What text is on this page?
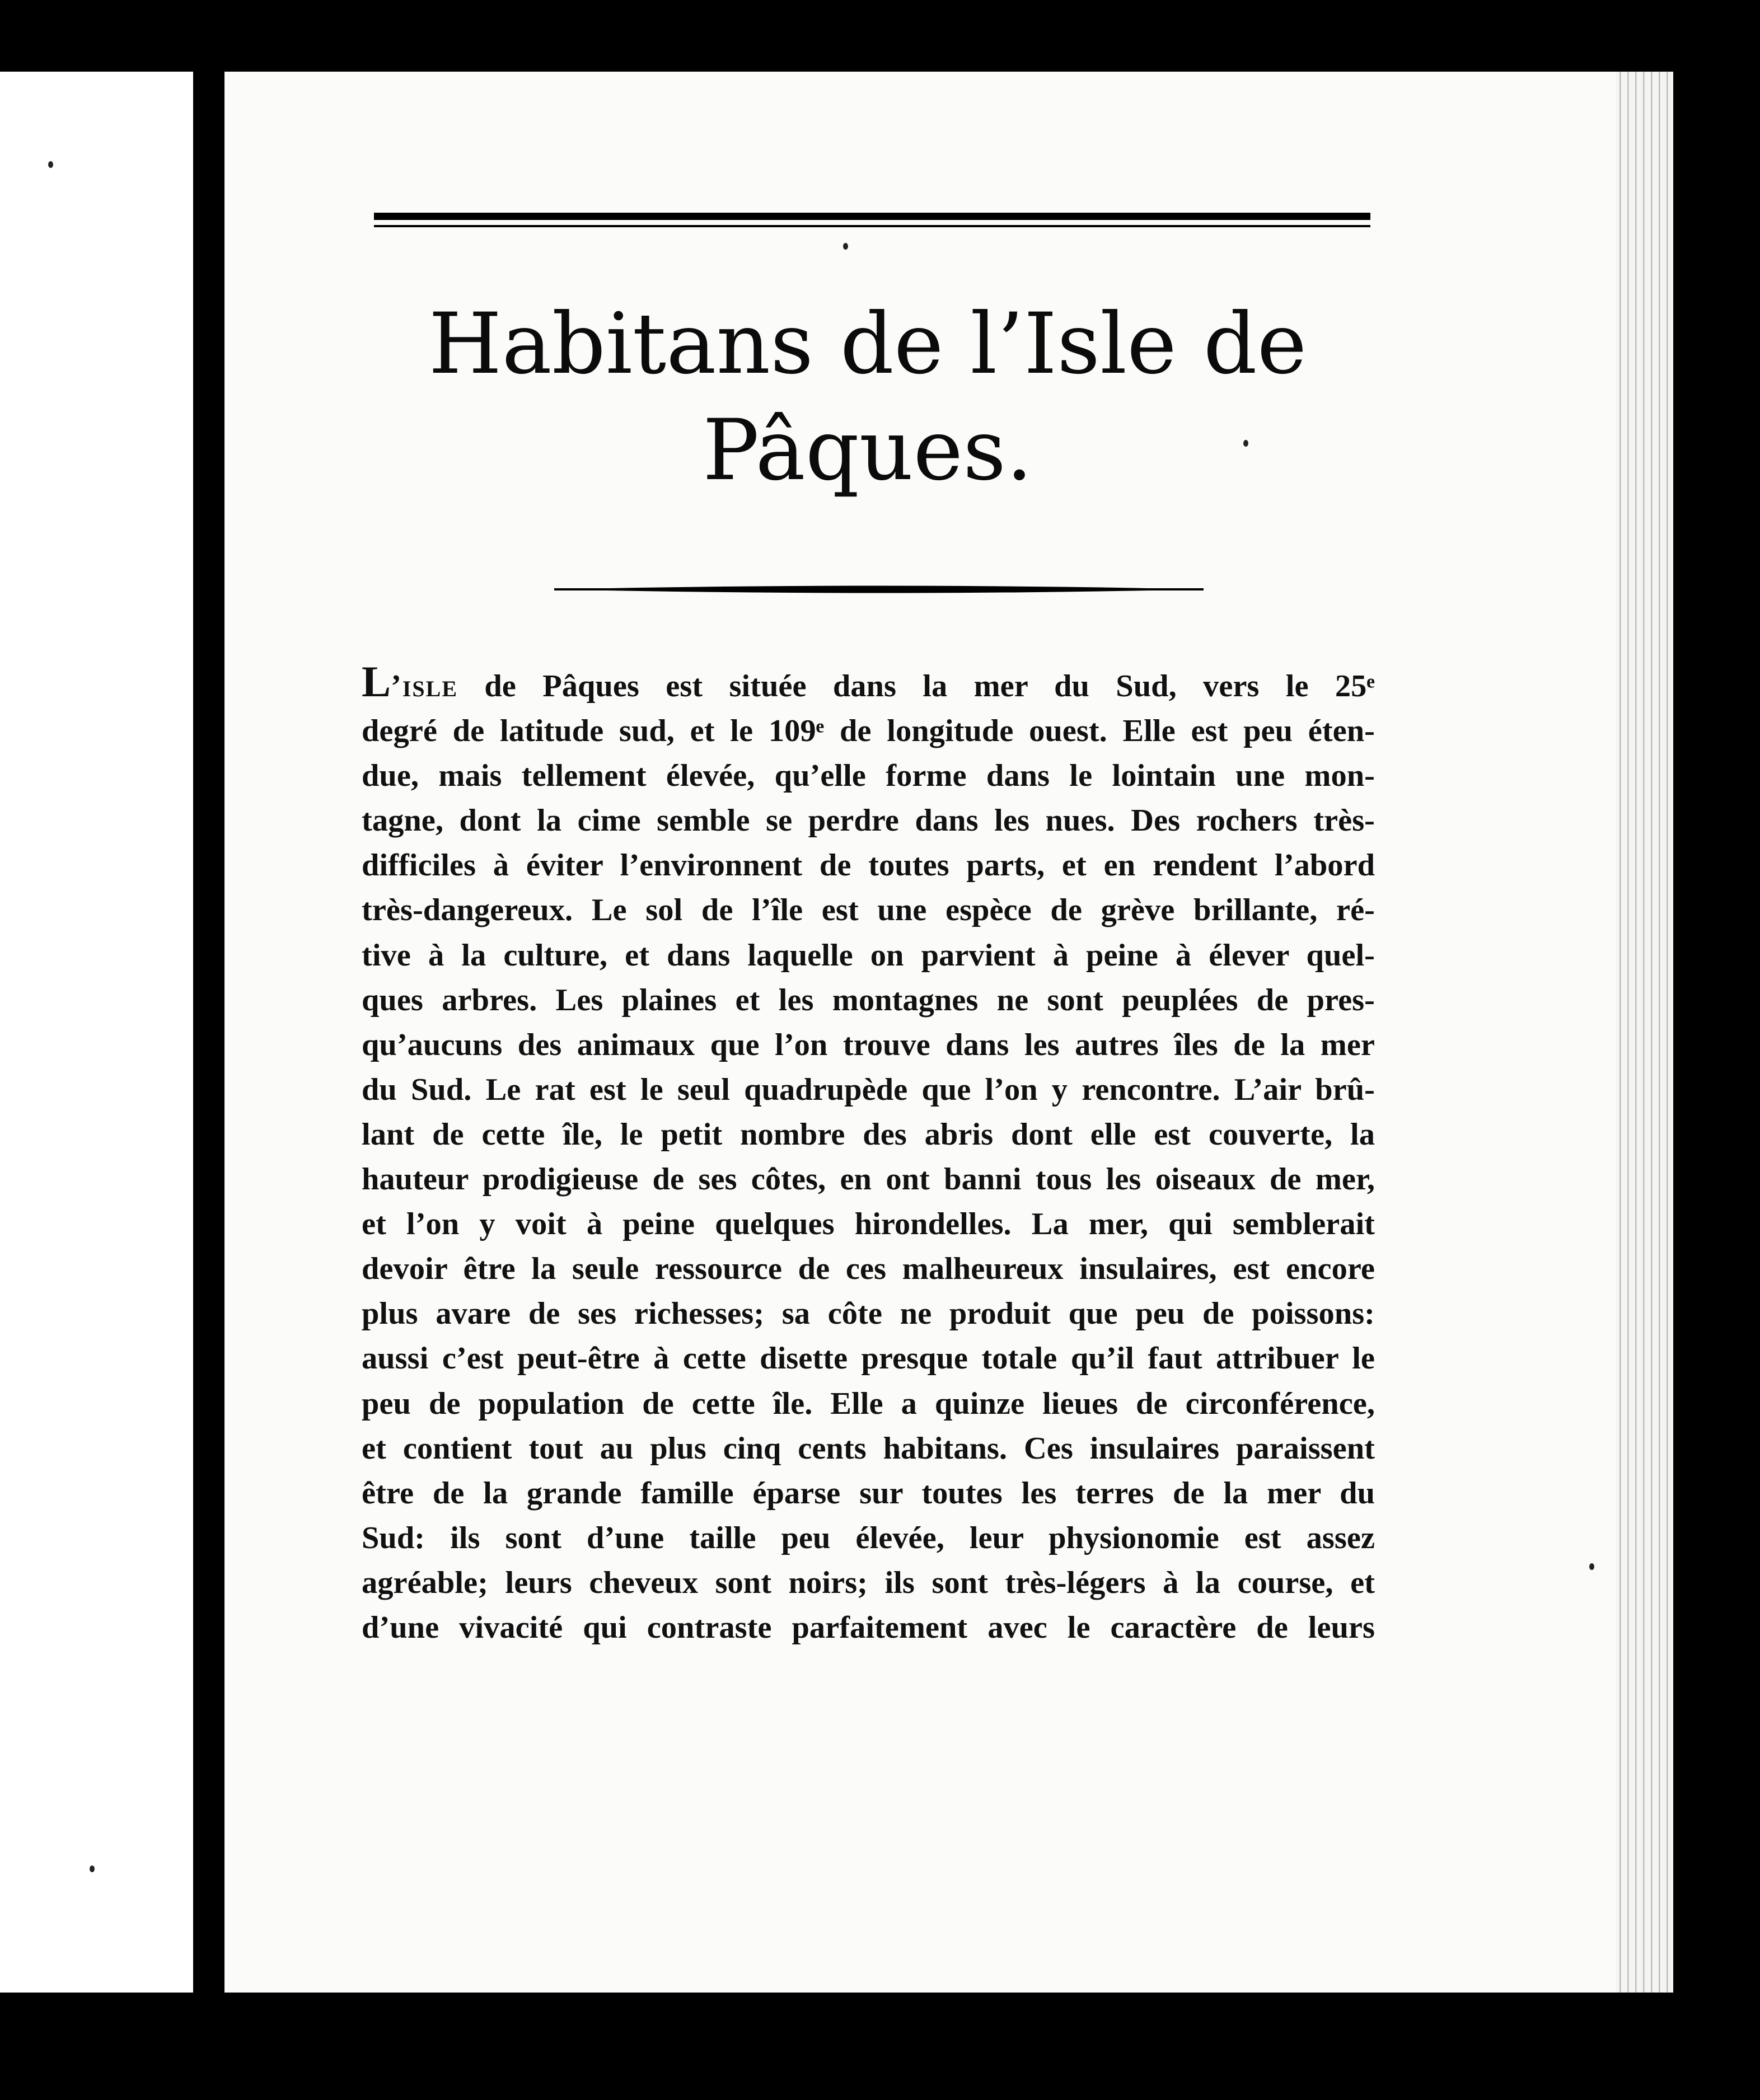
Habitans de l’Isle de
Pâques.
L’isle de Pâques est située dans la mer du Sud, vers le 25ᵉ
degré de latitude sud, et le 109ᵉ de longitude ouest. Elle est peu éten-
due, mais tellement élevée, qu’elle forme dans le lointain une mon-
tagne, dont la cime semble se perdre dans les nues. Des rochers très-
difficiles à éviter l’environnent de toutes parts, et en rendent l’abord
très-dangereux. Le sol de l’île est une espèce de grève brillante, ré-
tive à la culture, et dans laquelle on parvient à peine à élever quel-
ques arbres. Les plaines et les montagnes ne sont peuplées de pres-
qu’aucuns des animaux que l’on trouve dans les autres îles de la mer
du Sud. Le rat est le seul quadrupède que l’on y rencontre. L’air brû-
lant de cette île, le petit nombre des abris dont elle est couverte, la
hauteur prodigieuse de ses côtes, en ont banni tous les oiseaux de mer,
et l’on y voit à peine quelques hirondelles. La mer, qui semblerait
devoir être la seule ressource de ces malheureux insulaires, est encore
plus avare de ses richesses; sa côte ne produit que peu de poissons:
aussi c’est peut-être à cette disette presque totale qu’il faut attribuer le
peu de population de cette île. Elle a quinze lieues de circonférence,
et contient tout au plus cinq cents habitans. Ces insulaires paraissent
être de la grande famille éparse sur toutes les terres de la mer du
Sud: ils sont d’une taille peu élevée, leur physionomie est assez
agréable; leurs cheveux sont noirs; ils sont très-légers à la course, et
d’une vivacité qui contraste parfaitement avec le caractère de leurs
